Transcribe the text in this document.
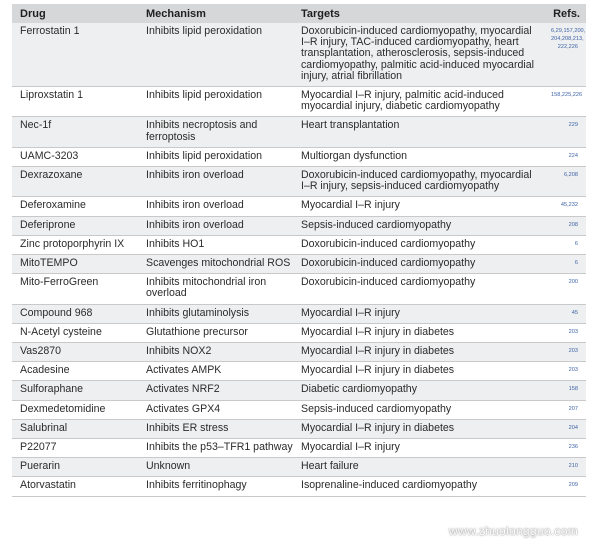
Drug	Mechanism	Targets	Refs.
Ferrostatin 1	Inhibits lipid peroxidation	Doxorubicin-induced cardiomyopathy, myocardial I–R injury, TAC-induced cardiomyopathy, heart transplantation, atherosclerosis, sepsis-induced cardiomyopathy, palmitic acid-induced myocardial injury, atrial fibrillation	6,29,157,200, 204,208,213, 222,226
Liproxstatin 1	Inhibits lipid peroxidation	Myocardial I–R injury, palmitic acid-induced myocardial injury, diabetic cardiomyopathy	158,225,226
Nec-1f	Inhibits necroptosis and ferroptosis	Heart transplantation	229
UAMC-3203	Inhibits lipid peroxidation	Multiorgan dysfunction	224
Dexrazoxane	Inhibits iron overload	Doxorubicin-induced cardiomyopathy, myocardial I–R injury, sepsis-induced cardiomyopathy	6,208
Deferoxamine	Inhibits iron overload	Myocardial I–R injury	45,232
Deferiprone	Inhibits iron overload	Sepsis-induced cardiomyopathy	208
Zinc protoporphyrin IX	Inhibits HO1	Doxorubicin-induced cardiomyopathy	6
MitoTEMPO	Scavenges mitochondrial ROS	Doxorubicin-induced cardiomyopathy	6
Mito-FerroGreen	Inhibits mitochondrial iron overload	Doxorubicin-induced cardiomyopathy	200
Compound 968	Inhibits glutaminolysis	Myocardial I–R injury	45
N-Acetyl cysteine	Glutathione precursor	Myocardial I–R injury in diabetes	203
Vas2870	Inhibits NOX2	Myocardial I–R injury in diabetes	203
Acadesine	Activates AMPK	Myocardial I–R injury in diabetes	203
Sulforaphane	Activates NRF2	Diabetic cardiomyopathy	158
Dexmedetomidine	Activates GPX4	Sepsis-induced cardiomyopathy	207
Salubrinal	Inhibits ER stress	Myocardial I–R injury in diabetes	204
P22077	Inhibits the p53–TFR1 pathway	Myocardial I–R injury	236
Puerarin	Unknown	Heart failure	210
Atorvastatin	Inhibits ferritinophagy	Isoprenaline-induced cardiomyopathy	209
www.zhuolongguo.com
